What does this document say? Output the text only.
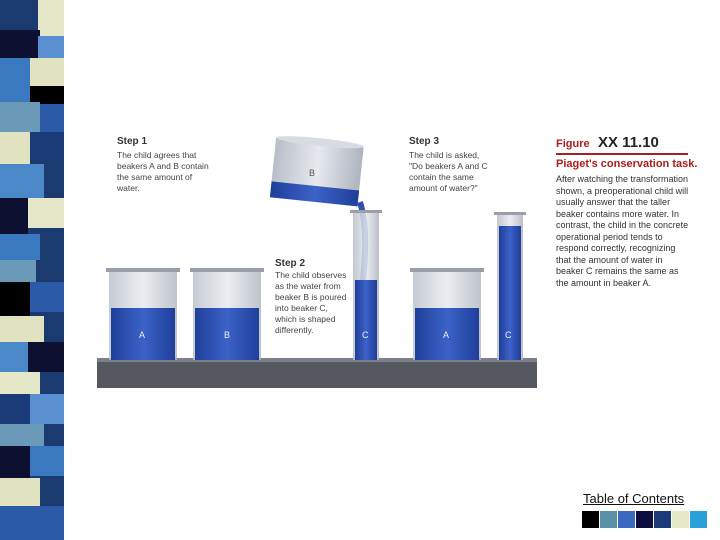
A	B
B
C	A	C
Step 1
The child agrees that
beakers A and B contain
the same amount of
water.
Step 2
The child observes
as the water from
beaker B is poured
into beaker C,
which is shaped
differently.
Step 3
The child is asked,
"Do beakers A and C
contain the same
amount of water?"
Figure XX 11.10
Piaget's conservation task.
After watching the transformation shown, a preoperational child will usually answer that the taller beaker contains more water. In contrast, the child in the concrete operational period tends to respond correctly, recognizing that the amount of water in beaker C remains the same as the amount in beaker A.
Table of Contents
